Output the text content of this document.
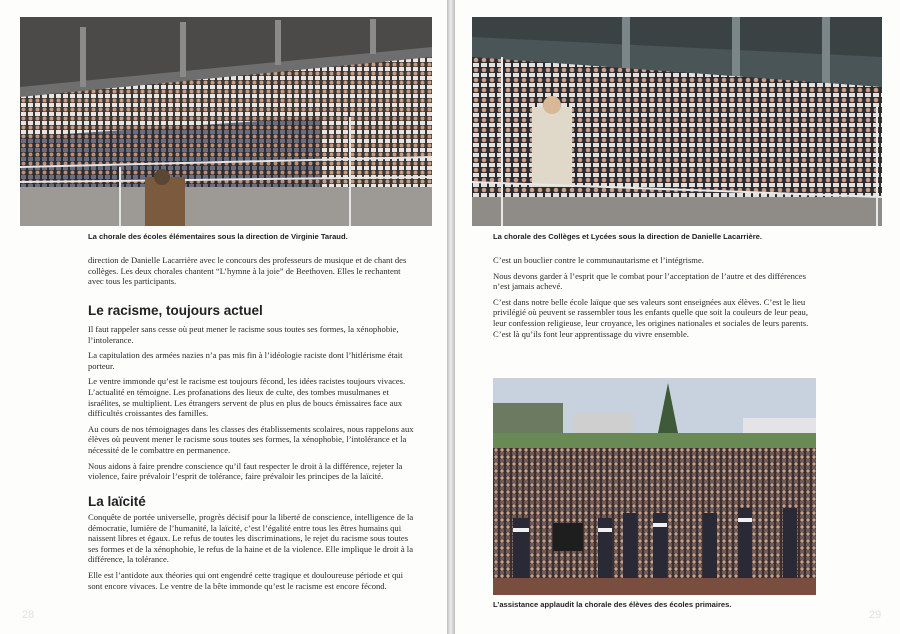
La chorale des écoles élémentaires sous la direction de Virginie Taraud.

direction de Danielle Lacarrière avec le concours des professeurs de musique et de chant des collèges. Les deux chorales chantent “L’hymne à la joie” de Beethoven. Elles le rechantent avec tous les participants.

Le racisme, toujours actuel

Il faut rappeler sans cesse où peut mener le racisme sous toutes ses formes, la xénophobie, l’intolerance.

La capitulation des armées nazies n’a pas mis fin à l’idéologie raciste dont l’hitlérisme était porteur.

Le ventre immonde qu’est le racisme est toujours fécond, les idées racistes toujours vivaces. L’actualité en témoigne. Les profanations des lieux de culte, des tombes musulmanes et israélites, se multiplient. Les étrangers servent de plus en plus de boucs émissaires face aux difficultés croissantes des familles.

Au cours de nos témoignages dans les classes des établissements scolaires, nous rappelons aux élèves où peuvent mener le racisme sous toutes ses formes, la xénophobie, l’intolérance et la nécessité de le combattre en permanence.

Nous aidons à faire prendre conscience qu’il faut respecter le droit à la différence, rejeter la violence, faire prévaloir l’esprit de tolérance, faire prévaloir les principes de la laïcité.

La laïcité

Conquête de portée universelle, progrès décisif pour la liberté de conscience, intelligence de la démocratie, lumière de l’humanité, la laïcité, c’est l’égalité entre tous les êtres humains qui naissent libres et égaux. Le refus de toutes les discriminations, le rejet du racisme sous toutes ses formes et de la xénophobie, le refus de la haine et de la violence. Elle implique le droit à la différence, la tolérance.

Elle est l’antidote aux théories qui ont engendré cette tragique et douloureuse période et qui sont encore vivaces. Le ventre de la bête immonde qu’est le racisme est encore fécond.

28
La chorale des Collèges et Lycées sous la direction de Danielle Lacarrière.

C’est un bouclier contre le communautarisme et l’intégrisme.

Nous devons garder à l’esprit que le combat pour l’acceptation de l’autre et des différences n’est jamais achevé.

C’est dans notre belle école laïque que ses valeurs sont enseignées aux élèves. C’est le lieu privilégié où peuvent se rassembler tous les enfants quelle que soit la couleurs de leur peau, leur confession religieuse, leur croyance, les origines nationales et sociales de leurs parents. C’est là qu’ils font leur apprentissage du vivre ensemble.

L’assistance applaudit la chorale des élèves des écoles primaires.
29
